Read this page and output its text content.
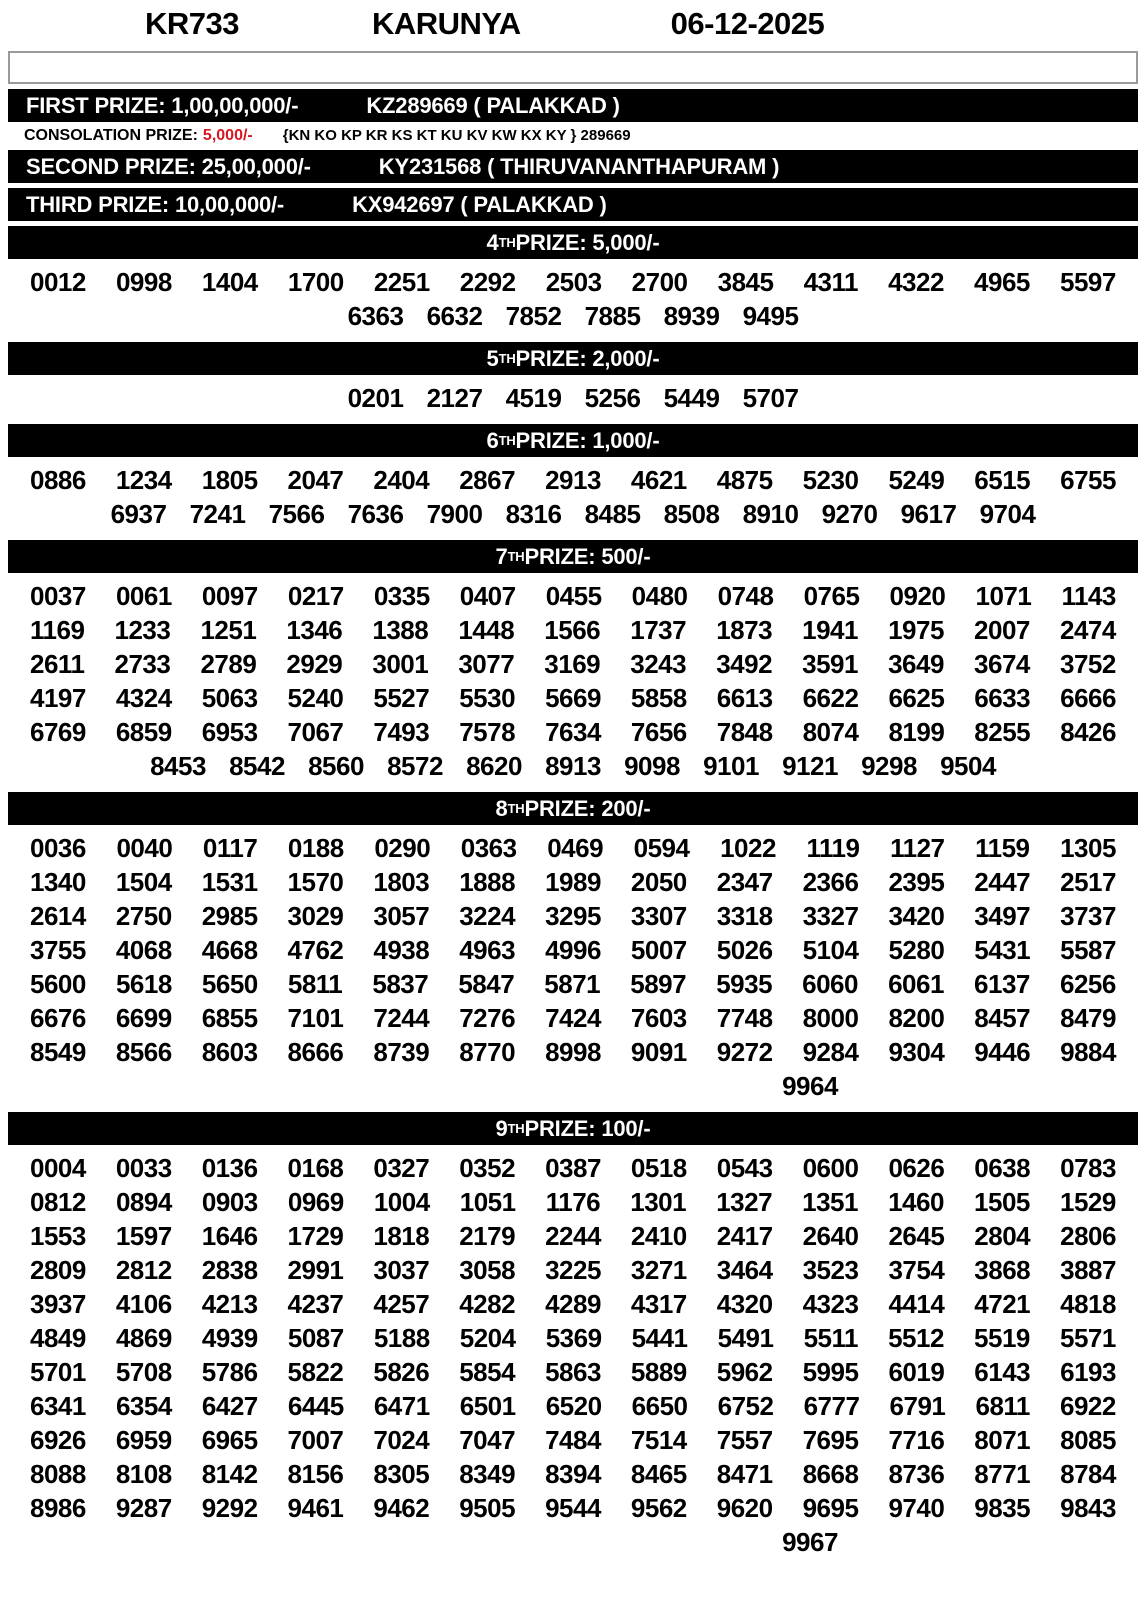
KR733	KARUNYA	06-12-2025
FIRST PRIZE: 1,00,00,000/-	KZ289669 ( PALAKKAD )
CONSOLATION PRIZE: 5,000/-	{KN KO KP KR KS KT KU KV KW KX KY } 289669
SECOND PRIZE: 25,00,000/-	KY231568 ( THIRUVANANTHAPURAM )
THIRD PRIZE: 10,00,000/-	KX942697 ( PALAKKAD )
4 TH PRIZE: 5,000/-
0012 0998 1404 1700 2251 2292 2503 2700 3845 4311 4322 4965 5597
6363 6632 7852 7885 8939 9495
5 TH PRIZE: 2,000/-
0201 2127 4519 5256 5449 5707
6 TH PRIZE: 1,000/-
0886 1234 1805 2047 2404 2867 2913 4621 4875 5230 5249 6515 6755
6937 7241 7566 7636 7900 8316 8485 8508 8910 9270 9617 9704
7 TH PRIZE: 500/-
0037 0061 0097 0217 0335 0407 0455 0480 0748 0765 0920 1071 1143
1169 1233 1251 1346 1388 1448 1566 1737 1873 1941 1975 2007 2474
2611 2733 2789 2929 3001 3077 3169 3243 3492 3591 3649 3674 3752
4197 4324 5063 5240 5527 5530 5669 5858 6613 6622 6625 6633 6666
6769 6859 6953 7067 7493 7578 7634 7656 7848 8074 8199 8255 8426
8453 8542 8560 8572 8620 8913 9098 9101 9121 9298 9504
8 TH PRIZE: 200/-
0036 0040 0117 0188 0290 0363 0469 0594 1022 1119 1127 1159 1305
1340 1504 1531 1570 1803 1888 1989 2050 2347 2366 2395 2447 2517
2614 2750 2985 3029 3057 3224 3295 3307 3318 3327 3420 3497 3737
3755 4068 4668 4762 4938 4963 4996 5007 5026 5104 5280 5431 5587
5600 5618 5650 5811 5837 5847 5871 5897 5935 6060 6061 6137 6256
6676 6699 6855 7101 7244 7276 7424 7603 7748 8000 8200 8457 8479
8549 8566 8603 8666 8739 8770 8998 9091 9272 9284 9304 9446 9884
9964
9 TH PRIZE: 100/-
0004 0033 0136 0168 0327 0352 0387 0518 0543 0600 0626 0638 0783
0812 0894 0903 0969 1004 1051 1176 1301 1327 1351 1460 1505 1529
1553 1597 1646 1729 1818 2179 2244 2410 2417 2640 2645 2804 2806
2809 2812 2838 2991 3037 3058 3225 3271 3464 3523 3754 3868 3887
3937 4106 4213 4237 4257 4282 4289 4317 4320 4323 4414 4721 4818
4849 4869 4939 5087 5188 5204 5369 5441 5491 5511 5512 5519 5571
5701 5708 5786 5822 5826 5854 5863 5889 5962 5995 6019 6143 6193
6341 6354 6427 6445 6471 6501 6520 6650 6752 6777 6791 6811 6922
6926 6959 6965 7007 7024 7047 7484 7514 7557 7695 7716 8071 8085
8088 8108 8142 8156 8305 8349 8394 8465 8471 8668 8736 8771 8784
8986 9287 9292 9461 9462 9505 9544 9562 9620 9695 9740 9835 9843
9967
